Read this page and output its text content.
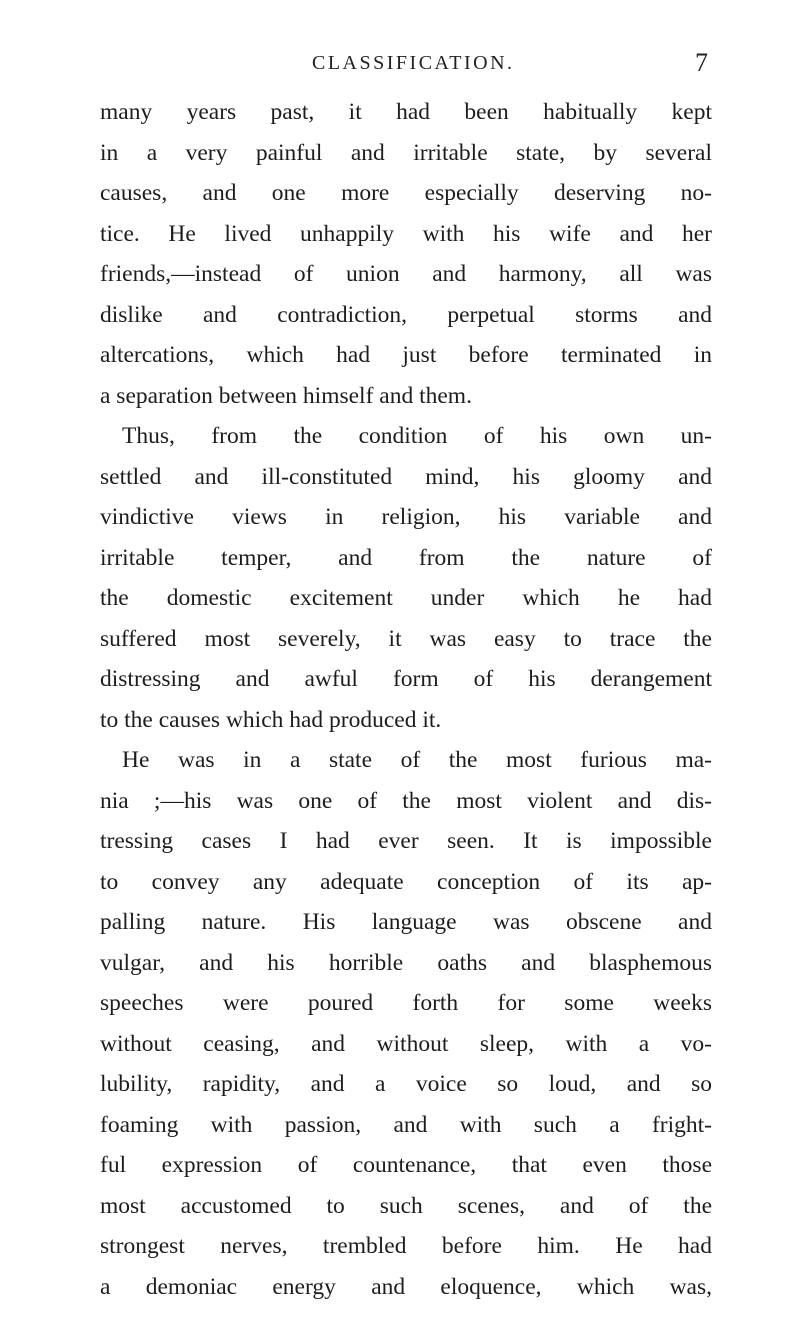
CLASSIFICATION.	7
many years past, it had been habitually kept
in a very painful and irritable state, by several
causes, and one more especially deserving no-
tice. He lived unhappily with his wife and her
friends,—instead of union and harmony, all was
dislike and contradiction, perpetual storms and
altercations, which had just before terminated in
a separation between himself and them.
Thus, from the condition of his own un-
settled and ill-constituted mind, his gloomy and
vindictive views in religion, his variable and
irritable temper, and from the nature of
the domestic excitement under which he had
suffered most severely, it was easy to trace the
distressing and awful form of his derangement
to the causes which had produced it.
He was in a state of the most furious ma-
nia ;—his was one of the most violent and dis-
tressing cases I had ever seen. It is impossible
to convey any adequate conception of its ap-
palling nature. His language was obscene and
vulgar, and his horrible oaths and blasphemous
speeches were poured forth for some weeks
without ceasing, and without sleep, with a vo-
lubility, rapidity, and a voice so loud, and so
foaming with passion, and with such a fright-
ful expression of countenance, that even those
most accustomed to such scenes, and of the
strongest nerves, trembled before him. He had
a demoniac energy and eloquence, which was,
